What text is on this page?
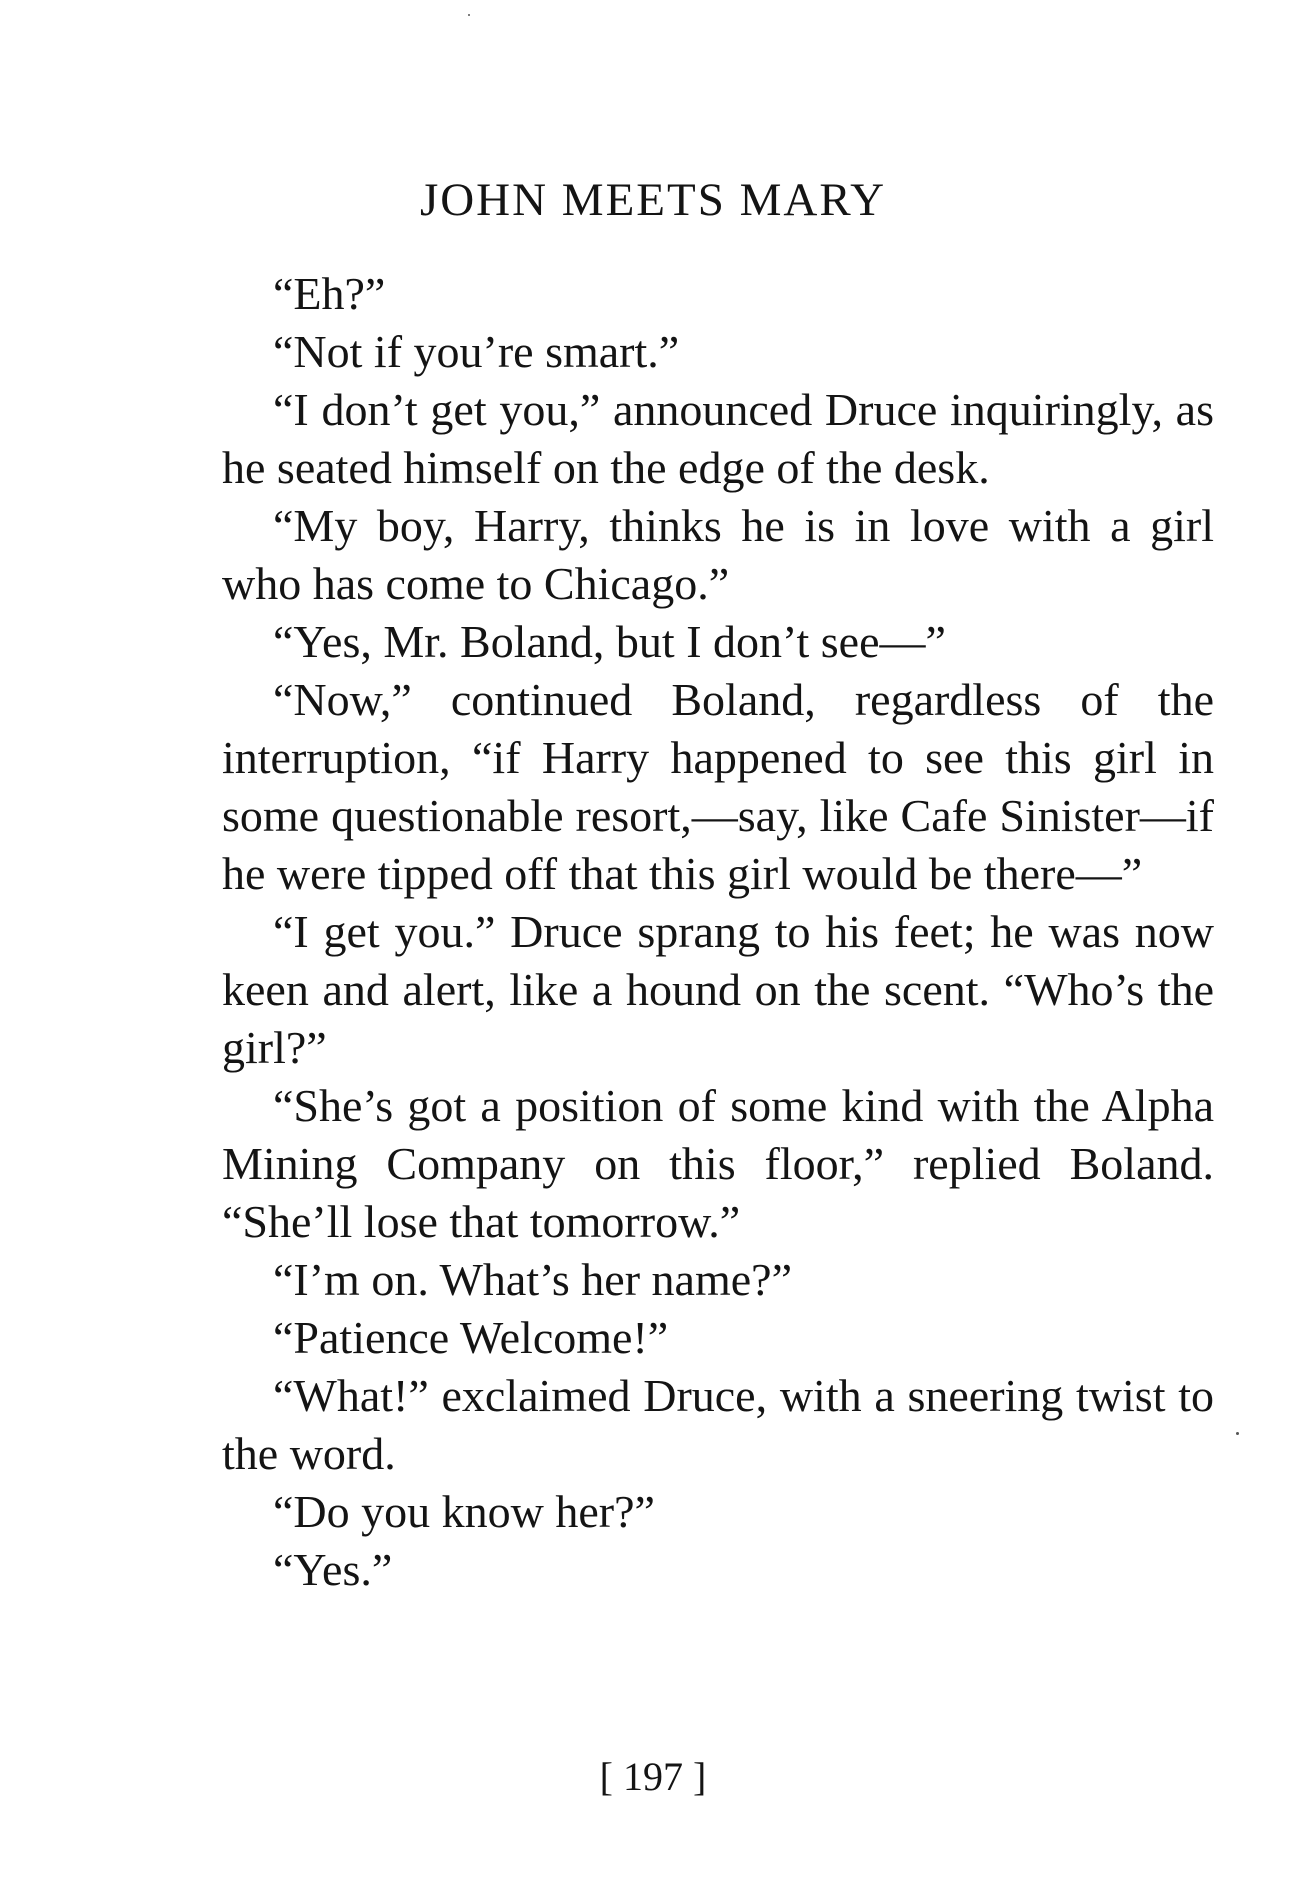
JOHN MEETS MARY

“Eh?”

“Not if you’re smart.”

“I don’t get you,” announced Druce inquiringly, as he seated himself on the edge of the desk.

“My boy, Harry, thinks he is in love with a girl who has come to Chicago.”

“Yes, Mr. Boland, but I don’t see—”

“Now,” continued Boland, regardless of the interruption, “if Harry happened to see this girl in some questionable resort,—say, like Cafe Sinister—if he were tipped off that this girl would be there—”

“I get you.” Druce sprang to his feet; he was now keen and alert, like a hound on the scent. “Who’s the girl?”

“She’s got a position of some kind with the Alpha Mining Company on this floor,” replied Boland. “She’ll lose that tomorrow.”

“I’m on. What’s her name?”

“Patience Welcome!”

“What!” exclaimed Druce, with a sneering twist to the word.

“Do you know her?”

“Yes.”

[ 197 ]
